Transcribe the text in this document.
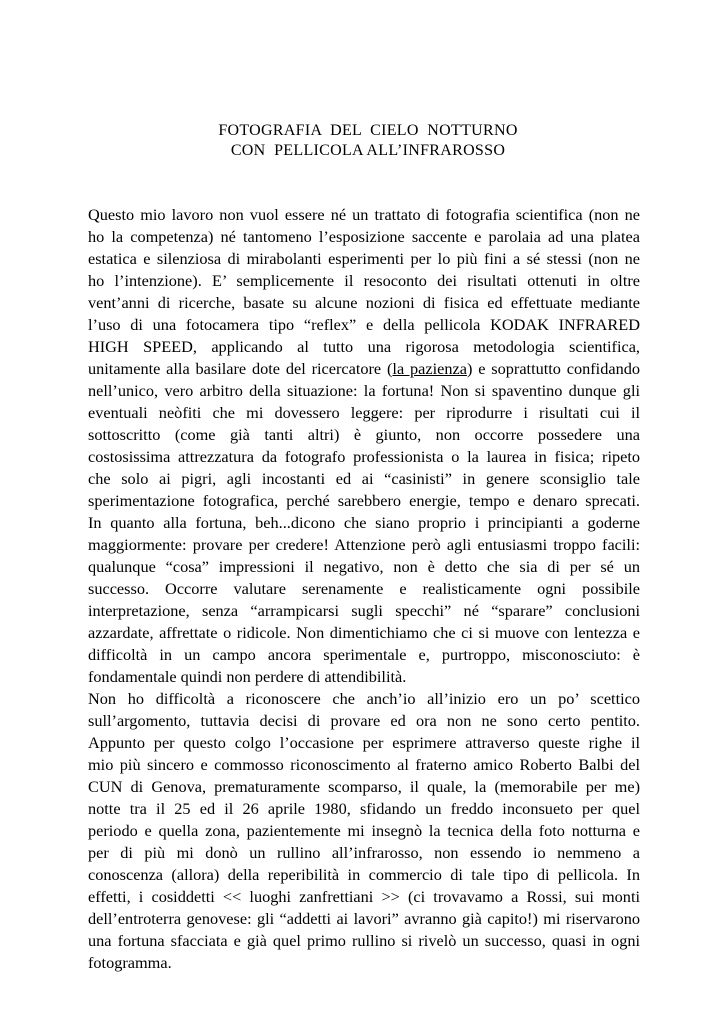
FOTOGRAFIA  DEL  CIELO  NOTTURNO
CON  PELLICOLA ALL’INFRAROSSO
Questo mio lavoro non vuol essere né un trattato di fotografia scientifica (non ne
ho la competenza) né tantomeno l’esposizione saccente e parolaia ad una platea
estatica e silenziosa di mirabolanti esperimenti per lo più fini a sé stessi (non ne
ho l’intenzione). E’ semplicemente il resoconto dei risultati ottenuti in oltre
vent’anni di ricerche, basate su alcune nozioni di fisica ed effettuate mediante
l’uso di una fotocamera tipo “reflex” e della pellicola KODAK INFRARED
HIGH SPEED, applicando al tutto una rigorosa metodologia scientifica,
unitamente alla basilare dote del ricercatore (la pazienza) e soprattutto confidando
nell’unico, vero arbitro della situazione: la fortuna! Non si spaventino dunque gli
eventuali neòfiti che mi dovessero leggere: per riprodurre i risultati cui il
sottoscritto (come già tanti altri) è giunto, non occorre possedere una
costosissima attrezzatura da fotografo professionista o la laurea in fisica; ripeto
che solo ai pigri, agli incostanti ed ai “casinisti” in genere sconsiglio tale
sperimentazione fotografica, perché sarebbero energie, tempo e denaro sprecati.
In quanto alla fortuna, beh...dicono che siano proprio i principianti a goderne
maggiormente: provare per credere! Attenzione però agli entusiasmi troppo facili:
qualunque “cosa” impressioni il negativo, non è detto che sia di per sé un
successo. Occorre valutare serenamente e realisticamente ogni possibile
interpretazione, senza “arrampicarsi sugli specchi” né “sparare” conclusioni
azzardate, affrettate o ridicole. Non dimentichiamo che ci si muove con lentezza e
difficoltà in un campo ancora sperimentale e, purtroppo, misconosciuto: è
fondamentale quindi non perdere di attendibilità.
Non ho difficoltà a riconoscere che anch’io all’inizio ero un po’ scettico
sull’argomento, tuttavia decisi di provare ed ora non ne sono certo pentito.
Appunto per questo colgo l’occasione per esprimere attraverso queste righe il
mio più sincero e commosso riconoscimento al fraterno amico Roberto Balbi del
CUN di Genova, prematuramente scomparso, il quale, la (memorabile per me)
notte tra il 25 ed il 26 aprile 1980, sfidando un freddo inconsueto per quel
periodo e quella zona, pazientemente mi insegnò la tecnica della foto notturna e
per di più mi donò un rullino all’infrarosso, non essendo io nemmeno a
conoscenza (allora) della reperibilità in commercio di tale tipo di pellicola. In
effetti, i cosiddetti << luoghi zanfrettiani >> (ci trovavamo a Rossi, sui monti
dell’entroterra genovese: gli “addetti ai lavori” avranno già capito!) mi riservarono
una fortuna sfacciata e già quel primo rullino si rivelò un successo, quasi in ogni
fotogramma.
